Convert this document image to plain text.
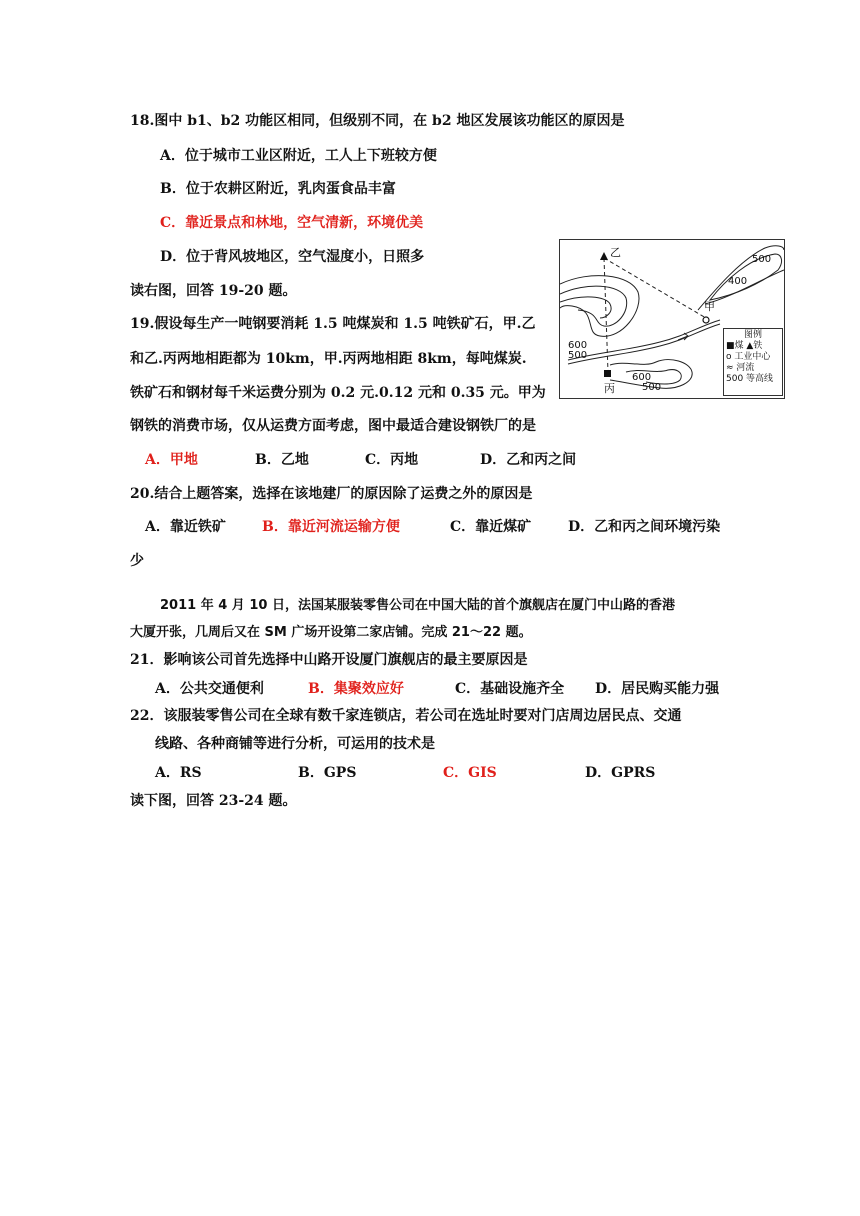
18.图中 b1、b2 功能区相同，但级别不同，在 b2 地区发展该功能区的原因是
A．位于城市工业区附近，工人上下班较方便
B．位于农耕区附近，乳肉蛋食品丰富
C．靠近景点和林地，空气清新，环境优美
D．位于背风坡地区，空气湿度小，日照多
读右图，回答 19-20 题。
19.假设每生产一吨钢要消耗 1.5 吨煤炭和 1.5 吨铁矿石，甲.乙
和乙.丙两地相距都为 10km，甲.丙两地相距 8km，每吨煤炭.
铁矿石和钢材每千米运费分别为 0.2 元.0.12 元和 0.35 元。甲为
钢铁的消费市场，仅从运费方面考虑，图中最适合建设钢铁厂的是
A．甲地	B．乙地	C．丙地	D．乙和丙之间
20.结合上题答案，选择在该地建厂的原因除了运费之外的原因是
A．靠近铁矿	B．靠近河流运输方便	C．靠近煤矿	D．乙和丙之间环境污染
少
2011 年 4 月 10 日，法国某服装零售公司在中国大陆的首个旗舰店在厦门中山路的香港
大厦开张，几周后又在 SM 广场开设第二家店铺。完成 21～22 题。
21．影响该公司首先选择中山路开设厦门旗舰店的最主要原因是
A．公共交通便利	B．集聚效应好	C．基础设施齐全 D．居民购买能力强
22．该服装零售公司在全球有数千家连锁店，若公司在选址时要对门店周边居民点、交通
线路、各种商铺等进行分析，可运用的技术是
A．RS	B．GPS	C．GIS	D．GPRS
读下图，回答 23-24 题。
乙
甲
丙
500
400
600
500
600
500
图例
■煤 ▲铁
o 工业中心
≈ 河流
500 等高线
